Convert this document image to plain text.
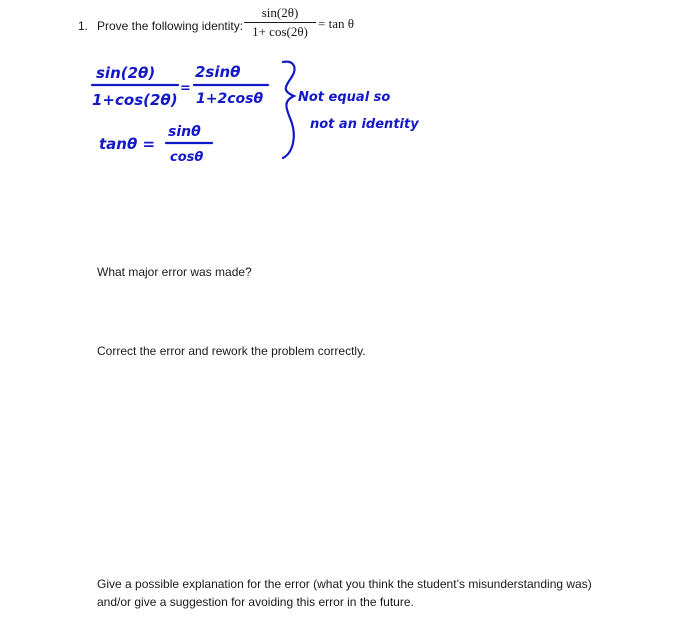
1. Prove the following identity:
sin(2θ)
1+ cos(2θ)
= tan θ
sin(2θ)
1+cos(2θ)
=
2sinθ
1+2cosθ
tanθ =
sinθ
cosθ
Not equal so
not an identity
What major error was made?
Correct the error and rework the problem correctly.
Give a possible explanation for the error (what you think the student’s misunderstanding was)
and/or give a suggestion for avoiding this error in the future.
